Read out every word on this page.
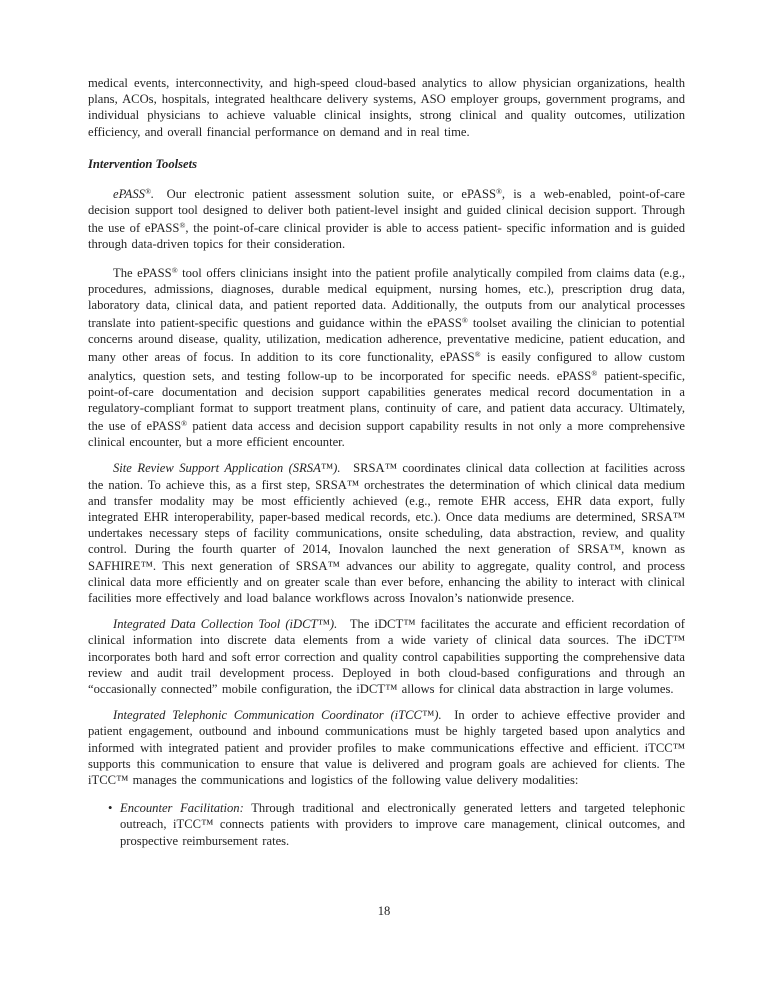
medical events, interconnectivity, and high-speed cloud-based analytics to allow physician organizations, health plans, ACOs, hospitals, integrated healthcare delivery systems, ASO employer groups, government programs, and individual physicians to achieve valuable clinical insights, strong clinical and quality outcomes, utilization efficiency, and overall financial performance on demand and in real time.
Intervention Toolsets
ePASS®. Our electronic patient assessment solution suite, or ePASS®, is a web-enabled, point-of-care decision support tool designed to deliver both patient-level insight and guided clinical decision support. Through the use of ePASS®, the point-of-care clinical provider is able to access patient- specific information and is guided through data-driven topics for their consideration.
The ePASS® tool offers clinicians insight into the patient profile analytically compiled from claims data (e.g., procedures, admissions, diagnoses, durable medical equipment, nursing homes, etc.), prescription drug data, laboratory data, clinical data, and patient reported data. Additionally, the outputs from our analytical processes translate into patient-specific questions and guidance within the ePASS® toolset availing the clinician to potential concerns around disease, quality, utilization, medication adherence, preventative medicine, patient education, and many other areas of focus. In addition to its core functionality, ePASS® is easily configured to allow custom analytics, question sets, and testing follow-up to be incorporated for specific needs. ePASS® patient-specific, point-of-care documentation and decision support capabilities generates medical record documentation in a regulatory-compliant format to support treatment plans, continuity of care, and patient data accuracy. Ultimately, the use of ePASS® patient data access and decision support capability results in not only a more comprehensive clinical encounter, but a more efficient encounter.
Site Review Support Application (SRSA™). SRSA™ coordinates clinical data collection at facilities across the nation. To achieve this, as a first step, SRSA™ orchestrates the determination of which clinical data medium and transfer modality may be most efficiently achieved (e.g., remote EHR access, EHR data export, fully integrated EHR interoperability, paper-based medical records, etc.). Once data mediums are determined, SRSA™ undertakes necessary steps of facility communications, onsite scheduling, data abstraction, review, and quality control. During the fourth quarter of 2014, Inovalon launched the next generation of SRSA™, known as SAFHIRE™. This next generation of SRSA™ advances our ability to aggregate, quality control, and process clinical data more efficiently and on greater scale than ever before, enhancing the ability to interact with clinical facilities more effectively and load balance workflows across Inovalon’s nationwide presence.
Integrated Data Collection Tool (iDCT™). The iDCT™ facilitates the accurate and efficient recordation of clinical information into discrete data elements from a wide variety of clinical data sources. The iDCT™ incorporates both hard and soft error correction and quality control capabilities supporting the comprehensive data review and audit trail development process. Deployed in both cloud-based configurations and through an “occasionally connected” mobile configuration, the iDCT™ allows for clinical data abstraction in large volumes.
Integrated Telephonic Communication Coordinator (iTCC™). In order to achieve effective provider and patient engagement, outbound and inbound communications must be highly targeted based upon analytics and informed with integrated patient and provider profiles to make communications effective and efficient. iTCC™ supports this communication to ensure that value is delivered and program goals are achieved for clients. The iTCC™ manages the communications and logistics of the following value delivery modalities:
• Encounter Facilitation: Through traditional and electronically generated letters and targeted telephonic outreach, iTCC™ connects patients with providers to improve care management, clinical outcomes, and prospective reimbursement rates.
18
